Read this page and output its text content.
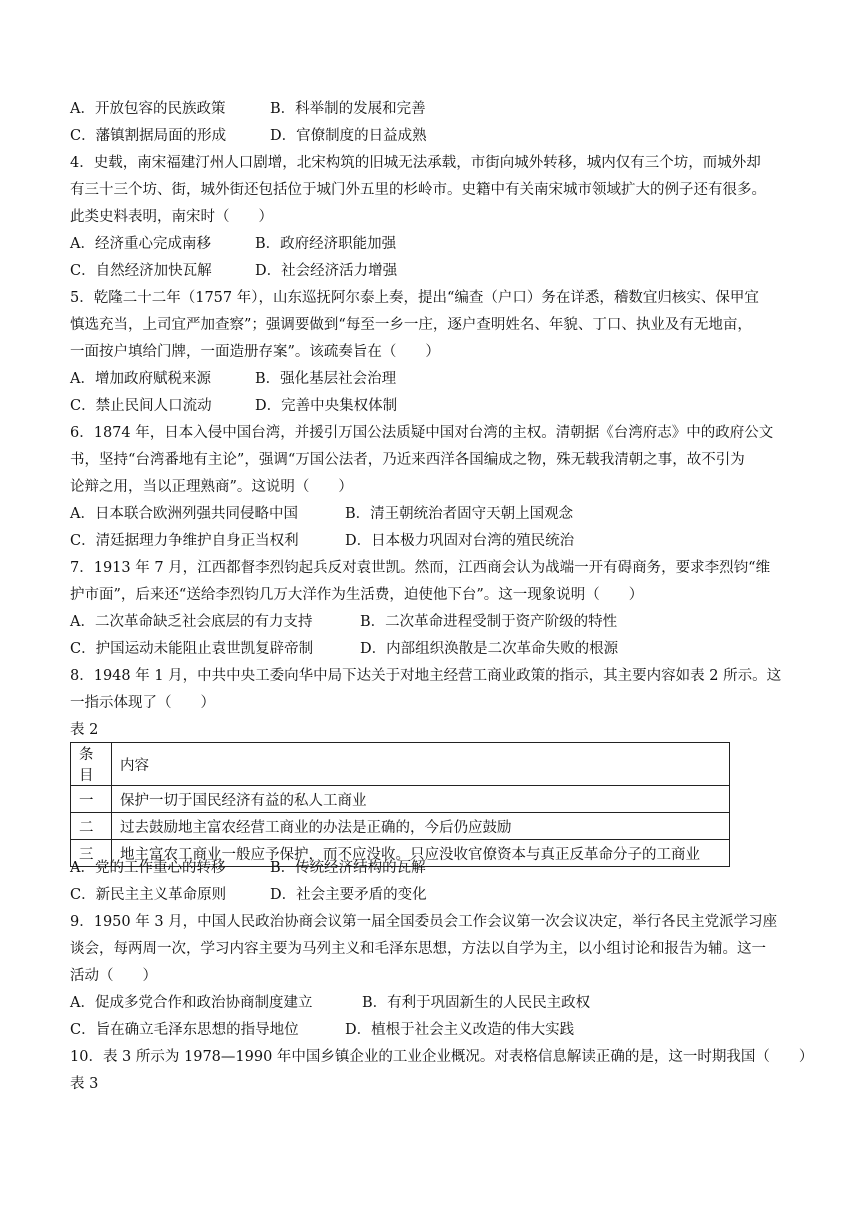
A．开放包容的民族政策	B．科举制的发展和完善
C．藩镇割据局面的形成	D．官僚制度的日益成熟
4．史载，南宋福建汀州人口剧增，北宋构筑的旧城无法承载，市街向城外转移，城内仅有三个坊，而城外却
有三十三个坊、街，城外街还包括位于城门外五里的杉岭市。史籍中有关南宋城市领域扩大的例子还有很多。
此类史料表明，南宋时（　　）
A．经济重心完成南移	B．政府经济职能加强
C．自然经济加快瓦解	D．社会经济活力增强
5．乾隆二十二年（1757 年），山东巡抚阿尔泰上奏，提出“编查（户口）务在详悉，稽数宜归核实、保甲宜
慎选充当，上司宜严加查察”；强调要做到“每至一乡一庄，逐户查明姓名、年貌、丁口、执业及有无地亩，
一面按户填给门牌，一面造册存案”。该疏奏旨在（　　）
A．增加政府赋税来源	B．强化基层社会治理
C．禁止民间人口流动	D．完善中央集权体制
6．1874 年，日本入侵中国台湾，并援引万国公法质疑中国对台湾的主权。清朝据《台湾府志》中的政府公文
书，坚持“台湾番地有主论”，强调“万国公法者，乃近来西洋各国编成之物，殊无载我清朝之事，故不引为
论辩之用，当以正理熟商”。这说明（　　）
A．日本联合欧洲列强共同侵略中国	B．清王朝统治者固守天朝上国观念
C．清廷据理力争维护自身正当权利	D．日本极力巩固对台湾的殖民统治
7．1913 年 7 月，江西都督李烈钧起兵反对袁世凯。然而，江西商会认为战端一开有碍商务，要求李烈钧“维
护市面”，后来还“送给李烈钧几万大洋作为生活费，迫使他下台”。这一现象说明（　　）
A．二次革命缺乏社会底层的有力支持	B．二次革命进程受制于资产阶级的特性
C．护国运动未能阻止袁世凯复辟帝制	D．内部组织涣散是二次革命失败的根源
8．1948 年 1 月，中共中央工委向华中局下达关于对地主经营工商业政策的指示，其主要内容如表 2 所示。这
一指示体现了（　　）
表 2
条目	内容
一	保护一切于国民经济有益的私人工商业
二	过去鼓励地主富农经营工商业的办法是正确的，今后仍应鼓励
三	地主富农工商业一般应予保护，而不应没收。只应没收官僚资本与真正反革命分子的工商业
A．党的工作重心的转移	B．传统经济结构的瓦解
C．新民主主义革命原则	D．社会主要矛盾的变化
9．1950 年 3 月，中国人民政治协商会议第一届全国委员会工作会议第一次会议决定，举行各民主党派学习座
谈会，每两周一次，学习内容主要为马列主义和毛泽东思想，方法以自学为主，以小组讨论和报告为辅。这一
活动（　　）
A．促成多党合作和政治协商制度建立	B．有利于巩固新生的人民民主政权
C．旨在确立毛泽东思想的指导地位	D．植根于社会主义改造的伟大实践
10．表 3 所示为 1978—1990 年中国乡镇企业的工业企业概况。对表格信息解读正确的是，这一时期我国（　　）
表 3
